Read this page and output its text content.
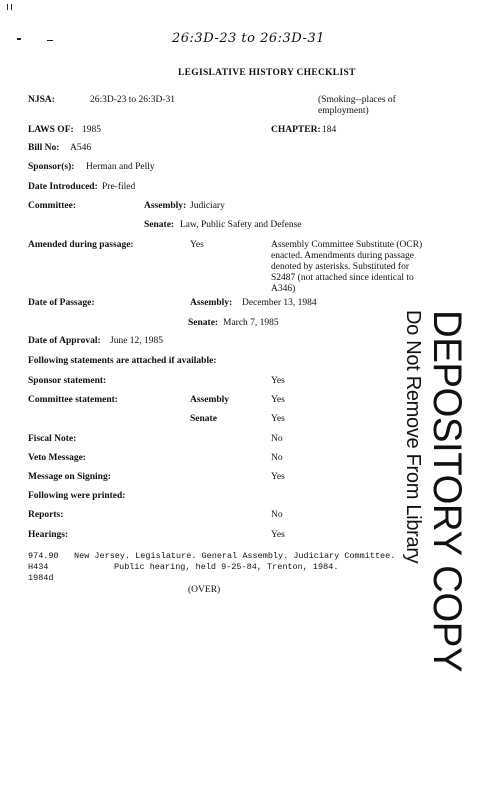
26:3D-23 to 26:3D-31
LEGISLATIVE HISTORY CHECKLIST
NJSA:	26:3D-23 to 26:3D-31	(Smoking--places of employment)
LAWS OF: 1985	CHAPTER: 184
Bill No: A546
Sponsor(s): Herman and Pelly
Date Introduced: Pre-filed
Committee:	Assembly: Judiciary
Senate: Law, Public Safety and Defense
Amended during passage:	Yes	Assembly Committee Substitute (OCR) enacted. Amendments during passage denoted by asterisks. Substituted for S2487 (not attached since identical to A346)
Date of Passage:	Assembly: December 13, 1984
Senate: March 7, 1985
Date of Approval: June 12, 1985
Following statements are attached if available:
Sponsor statement:	Yes
Committee statement:	Assembly	Yes
Senate	Yes
Fiscal Note:	No
Veto Message:	No
Message on Signing:	Yes
Following were printed:
Reports:	No
Hearings:	Yes
974.90
H434
1984d
New Jersey. Legislature. General Assembly. Judiciary Committee.
Public hearing, held 9-25-84, Trenton, 1984.
(OVER)	DEPOSITORY COPY
Do Not Remove From Library
